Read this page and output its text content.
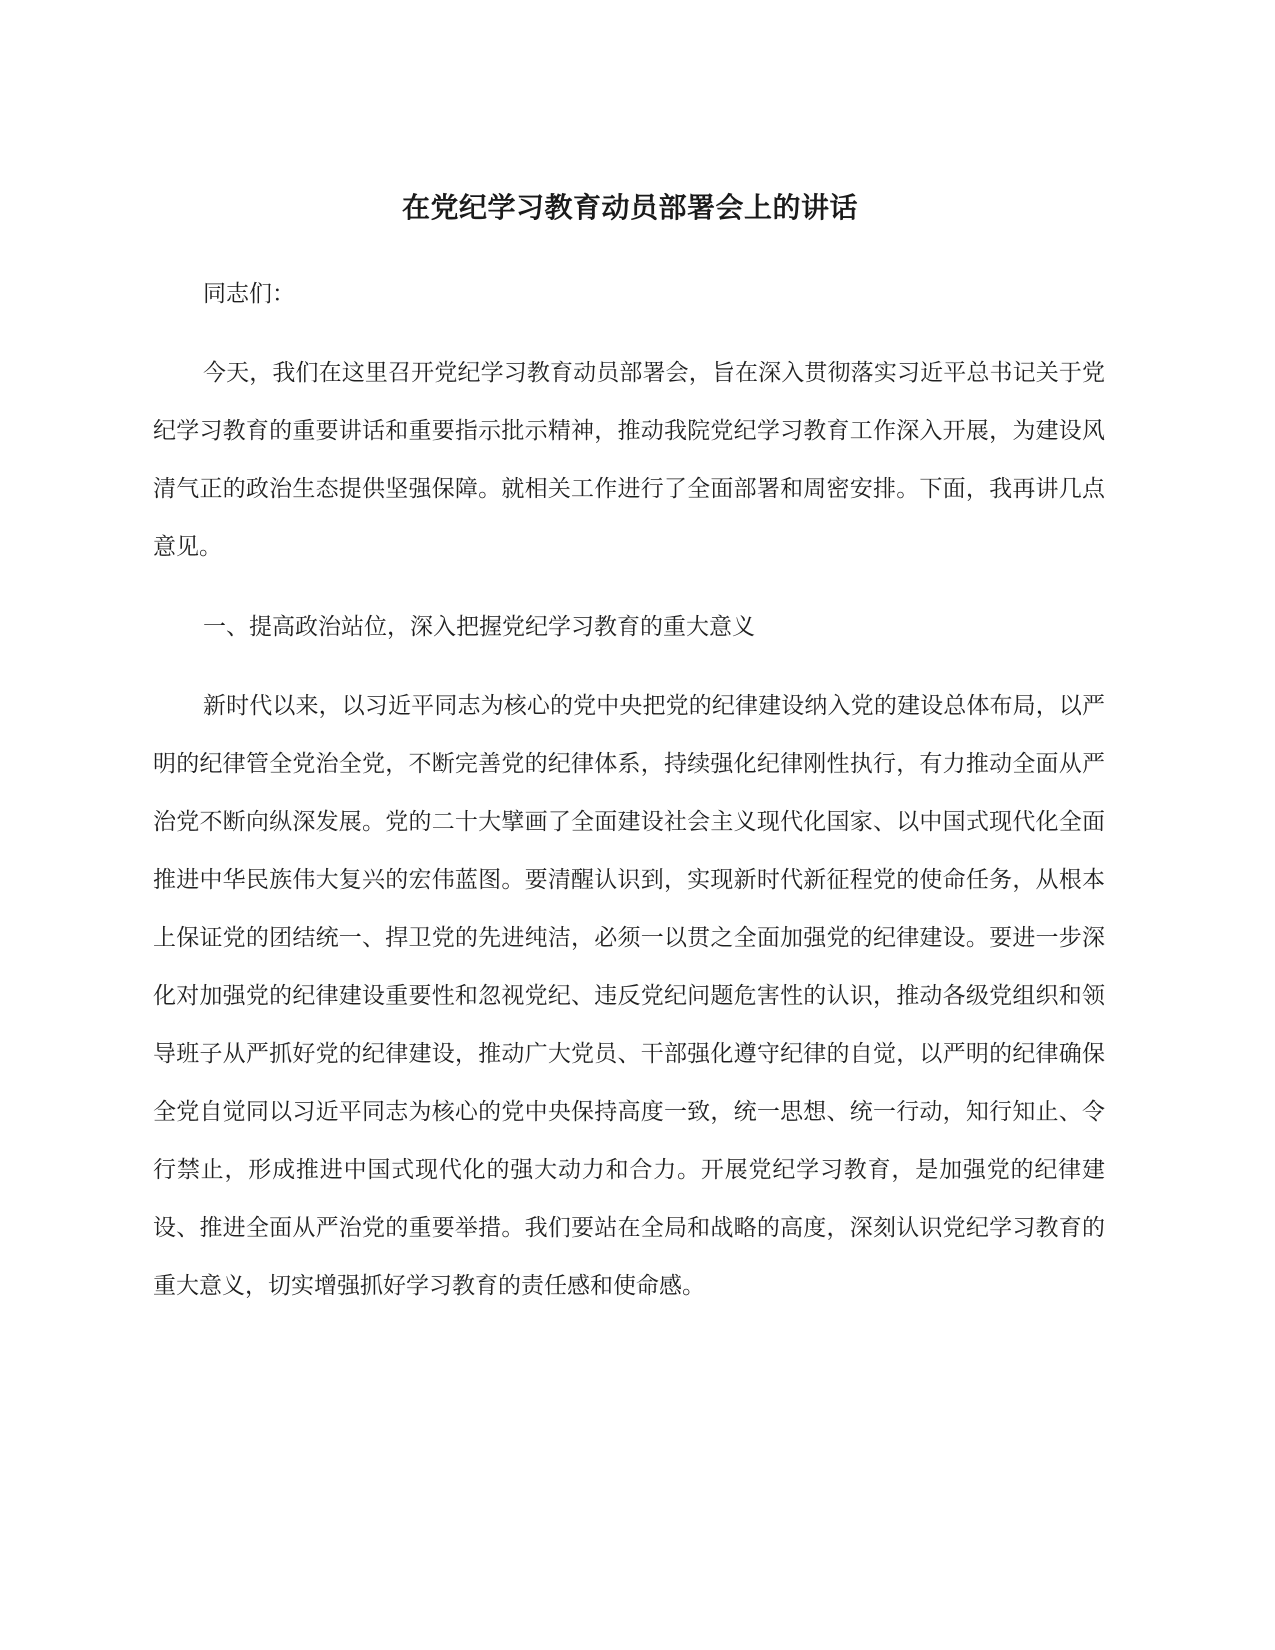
在党纪学习教育动员部署会上的讲话

同志们：

今天，我们在这里召开党纪学习教育动员部署会，旨在深入贯彻落实习近平总书记关于党纪学习教育的重要讲话和重要指示批示精神，推动我院党纪学习教育工作深入开展，为建设风清气正的政治生态提供坚强保障。就相关工作进行了全面部署和周密安排。下面，我再讲几点意见。

一、提高政治站位，深入把握党纪学习教育的重大意义

新时代以来，以习近平同志为核心的党中央把党的纪律建设纳入党的建设总体布局，以严明的纪律管全党治全党，不断完善党的纪律体系，持续强化纪律刚性执行，有力推动全面从严治党不断向纵深发展。党的二十大擘画了全面建设社会主义现代化国家、以中国式现代化全面推进中华民族伟大复兴的宏伟蓝图。要清醒认识到，实现新时代新征程党的使命任务，从根本上保证党的团结统一、捍卫党的先进纯洁，必须一以贯之全面加强党的纪律建设。要进一步深化对加强党的纪律建设重要性和忽视党纪、违反党纪问题危害性的认识，推动各级党组织和领导班子从严抓好党的纪律建设，推动广大党员、干部强化遵守纪律的自觉，以严明的纪律确保全党自觉同以习近平同志为核心的党中央保持高度一致，统一思想、统一行动，知行知止、令行禁止，形成推进中国式现代化的强大动力和合力。开展党纪学习教育，是加强党的纪律建设、推进全面从严治党的重要举措。我们要站在全局和战略的高度，深刻认识党纪学习教育的重大意义，切实增强抓好学习教育的责任感和使命感。
